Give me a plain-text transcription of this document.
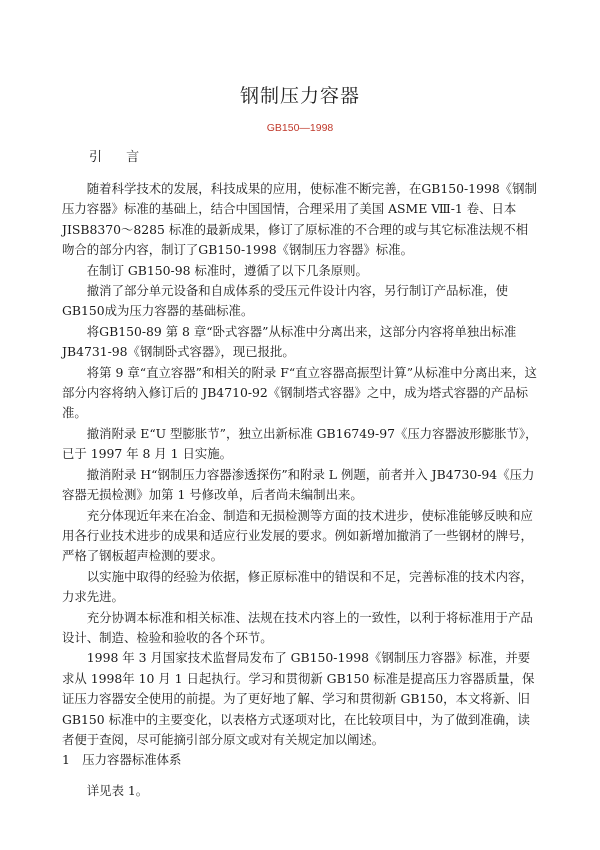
钢制压力容器
GB150—1998
引 言

随着科学技术的发展，科技成果的应用，使标准不断完善，在GB150-1998《钢制压力容器》标准的基础上，结合中国国情，合理采用了美国 ASME Ⅷ-1 卷、日本 JISB8370～8285 标准的最新成果，修订了原标准的不合理的或与其它标准法规不相吻合的部分内容，制订了GB150-1998《钢制压力容器》标准。

在制订 GB150-98 标准时，遵循了以下几条原则。

撤消了部分单元设备和自成体系的受压元件设计内容，另行制订产品标准，使GB150成为压力容器的基础标准。

将GB150-89 第 8 章“卧式容器”从标准中分离出来，这部分内容将单独出标准JB4731-98《钢制卧式容器》，现已报批。

将第 9 章“直立容器”和相关的附录 F“直立容器高振型计算”从标准中分离出来，这部分内容将纳入修订后的 JB4710-92《钢制塔式容器》之中，成为塔式容器的产品标准。

撤消附录 E“U 型膨胀节”，独立出新标准 GB16749-97《压力容器波形膨胀节》，已于 1997 年 8 月 1 日实施。

撤消附录 H“钢制压力容器渗透探伤”和附录 L 例题，前者并入 JB4730-94《压力容器无损检测》加第 1 号修改单，后者尚未编制出来。

充分体现近年来在冶金、制造和无损检测等方面的技术进步，使标准能够反映和应用各行业技术进步的成果和适应行业发展的要求。例如新增加撤消了一些钢材的牌号，严格了钢板超声检测的要求。

以实施中取得的经验为依据，修正原标准中的错误和不足，完善标准的技术内容，力求先进。

充分协调本标准和相关标准、法规在技术内容上的一致性，以利于将标准用于产品设计、制造、检验和验收的各个环节。

1998 年 3 月国家技术监督局发布了 GB150-1998《钢制压力容器》标准，并要求从 1998年 10 月 1 日起执行。学习和贯彻新 GB150 标准是提高压力容器质量，保证压力容器安全使用的前提。为了更好地了解、学习和贯彻新 GB150，本文将新、旧GB150 标准中的主要变化，以表格方式逐项对比，在比较项目中，为了做到准确，读者便于查阅，尽可能摘引部分原文或对有关规定加以阐述。

1　压力容器标准体系

详见表 1。
